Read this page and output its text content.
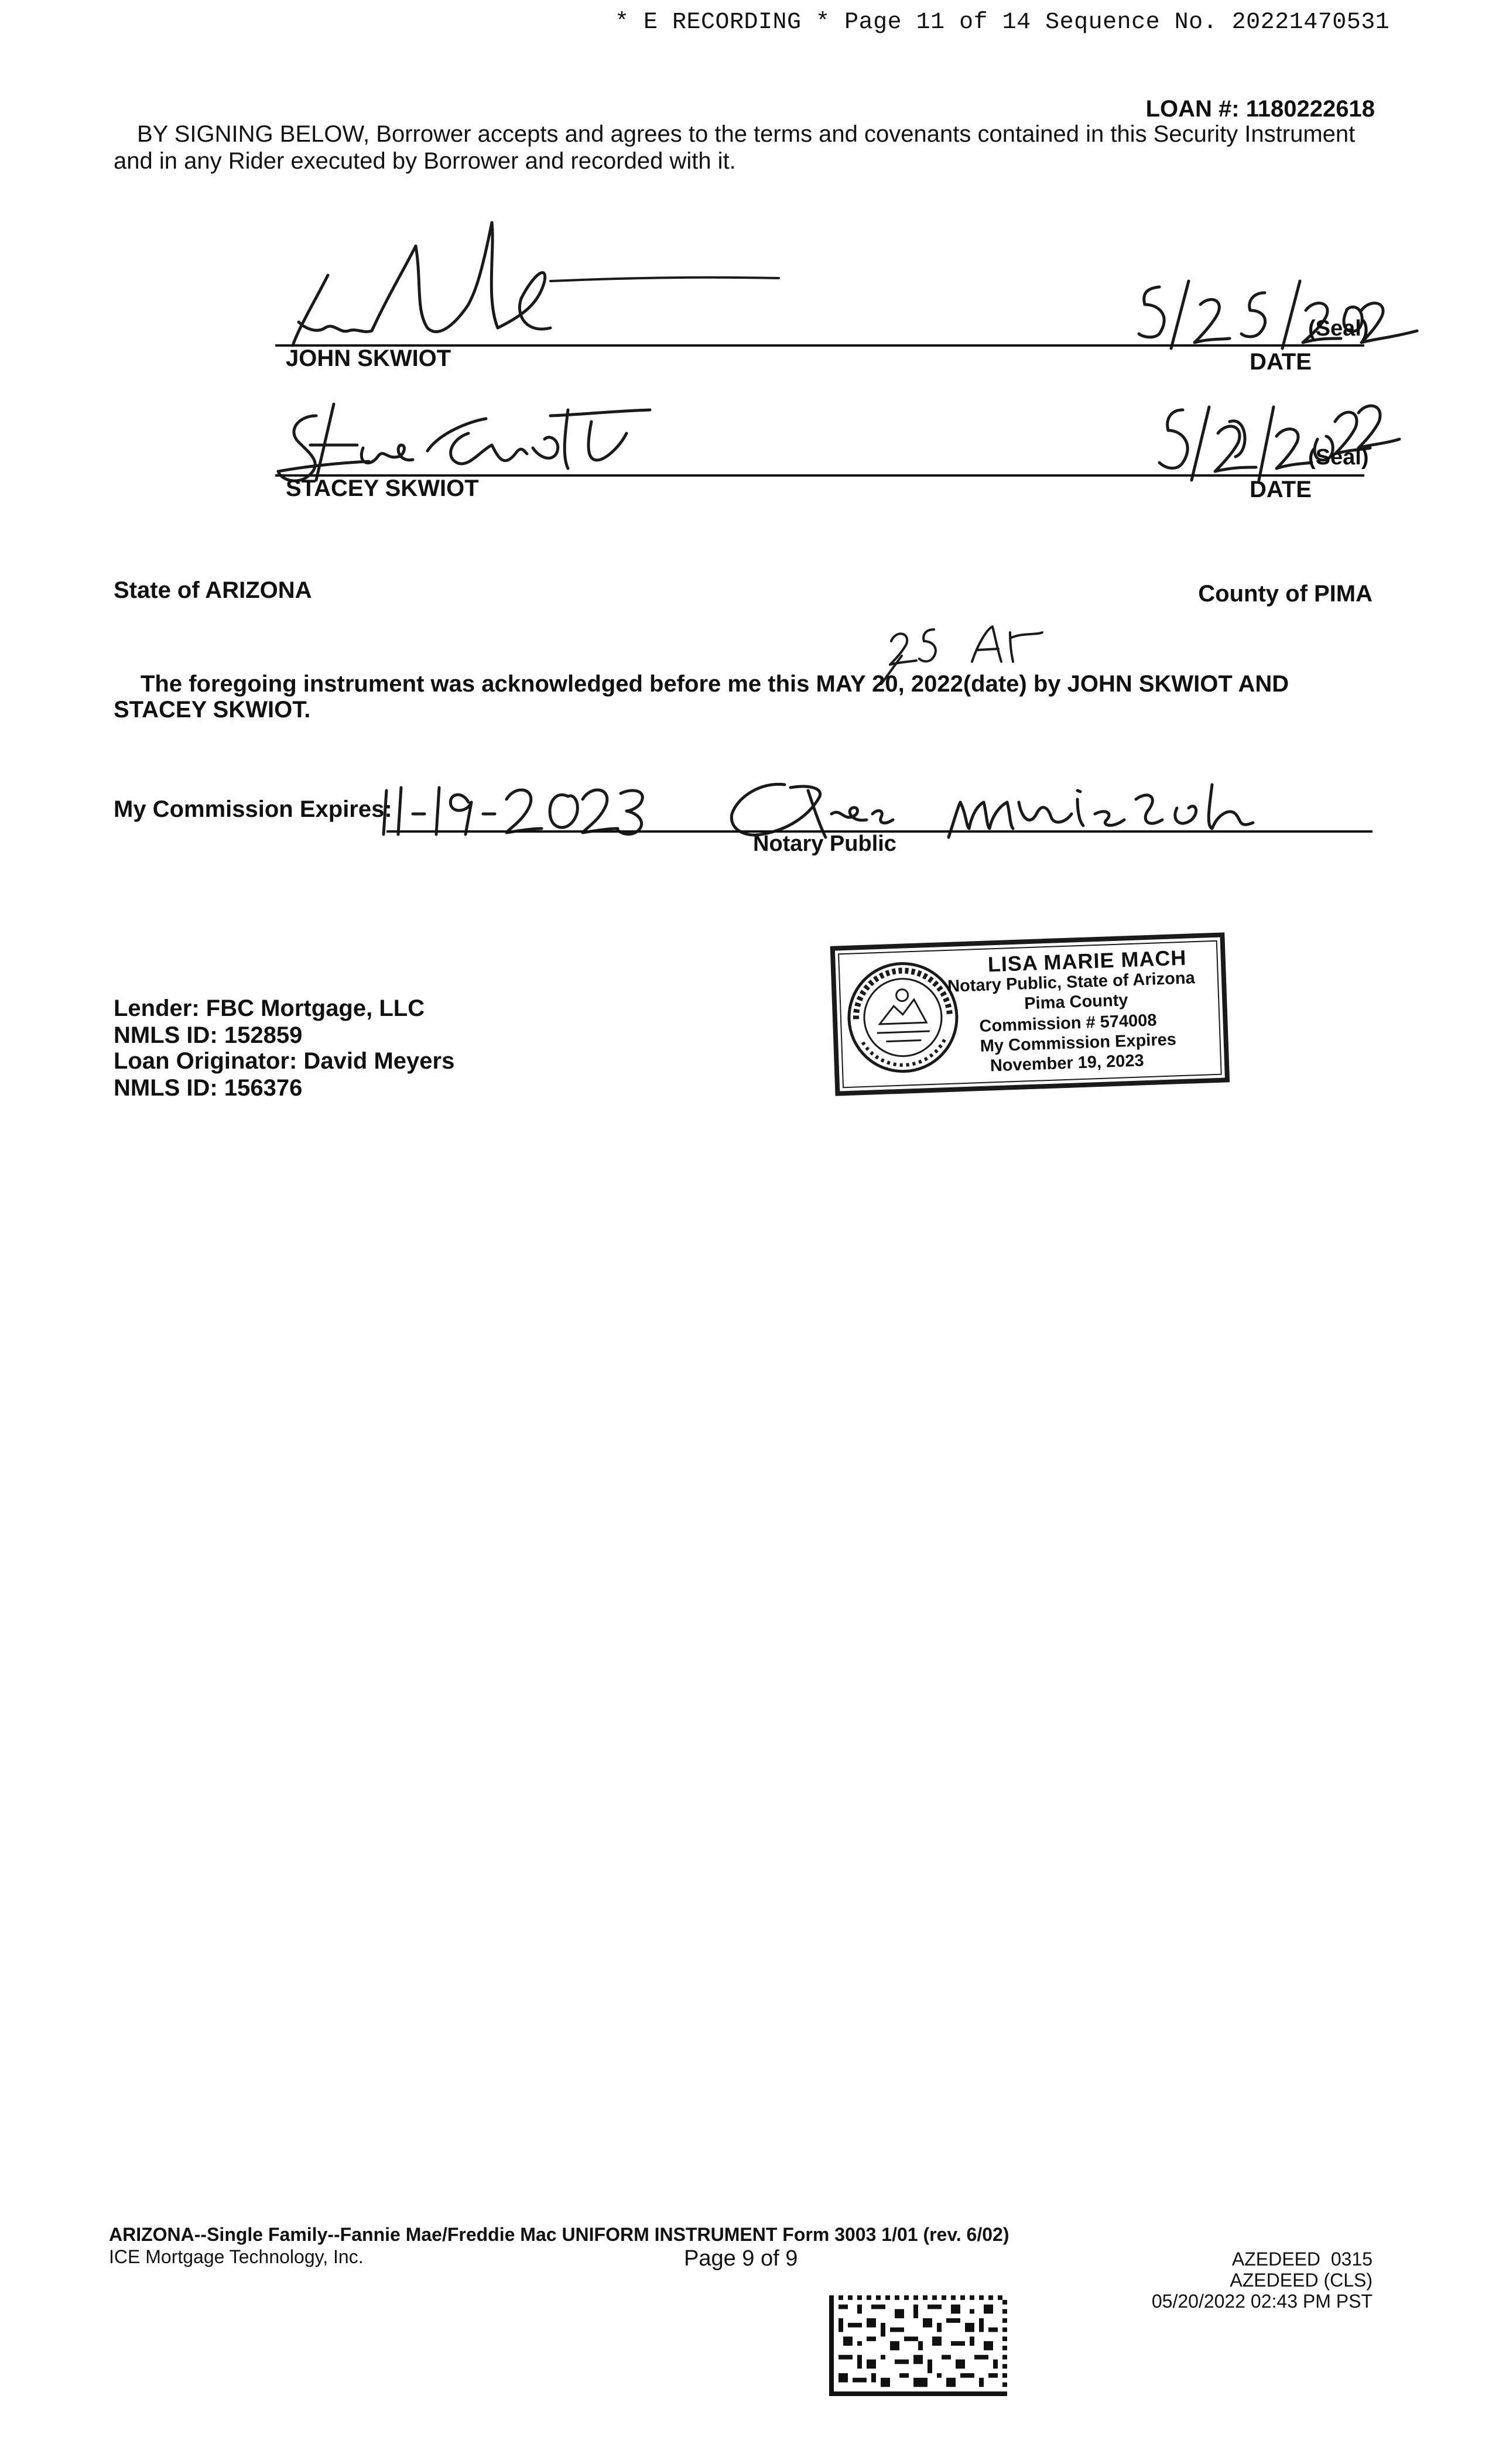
* E RECORDING * Page 11 of 14 Sequence No. 20221470531
LOAN #: 1180222618
BY SIGNING BELOW, Borrower accepts and agrees to the terms and covenants contained in this Security Instrument and in any Rider executed by Borrower and recorded with it.
(Seal)
JOHN SKWIOT	DATE
(Seal)
STACEY SKWIOT	DATE
State of ARIZONA	County of PIMA
The foregoing instrument was acknowledged before me this MAY 20, 2022(date) by JOHN SKWIOT AND
STACEY SKWIOT.
My Commission Expires:
Notary Public
LISA MARIE MACH
Notary Public, State of Arizona
Pima County
Commission # 574008
My Commission Expires
November 19, 2023
Lender: FBC Mortgage, LLC
NMLS ID: 152859
Loan Originator: David Meyers
NMLS ID: 156376
ARIZONA--Single Family--Fannie Mae/Freddie Mac UNIFORM INSTRUMENT Form 3003 1/01 (rev. 6/02)
ICE Mortgage Technology, Inc.	Page 9 of 9	AZEDEED  0315
AZEDEED (CLS)
05/20/2022 02:43 PM PST
